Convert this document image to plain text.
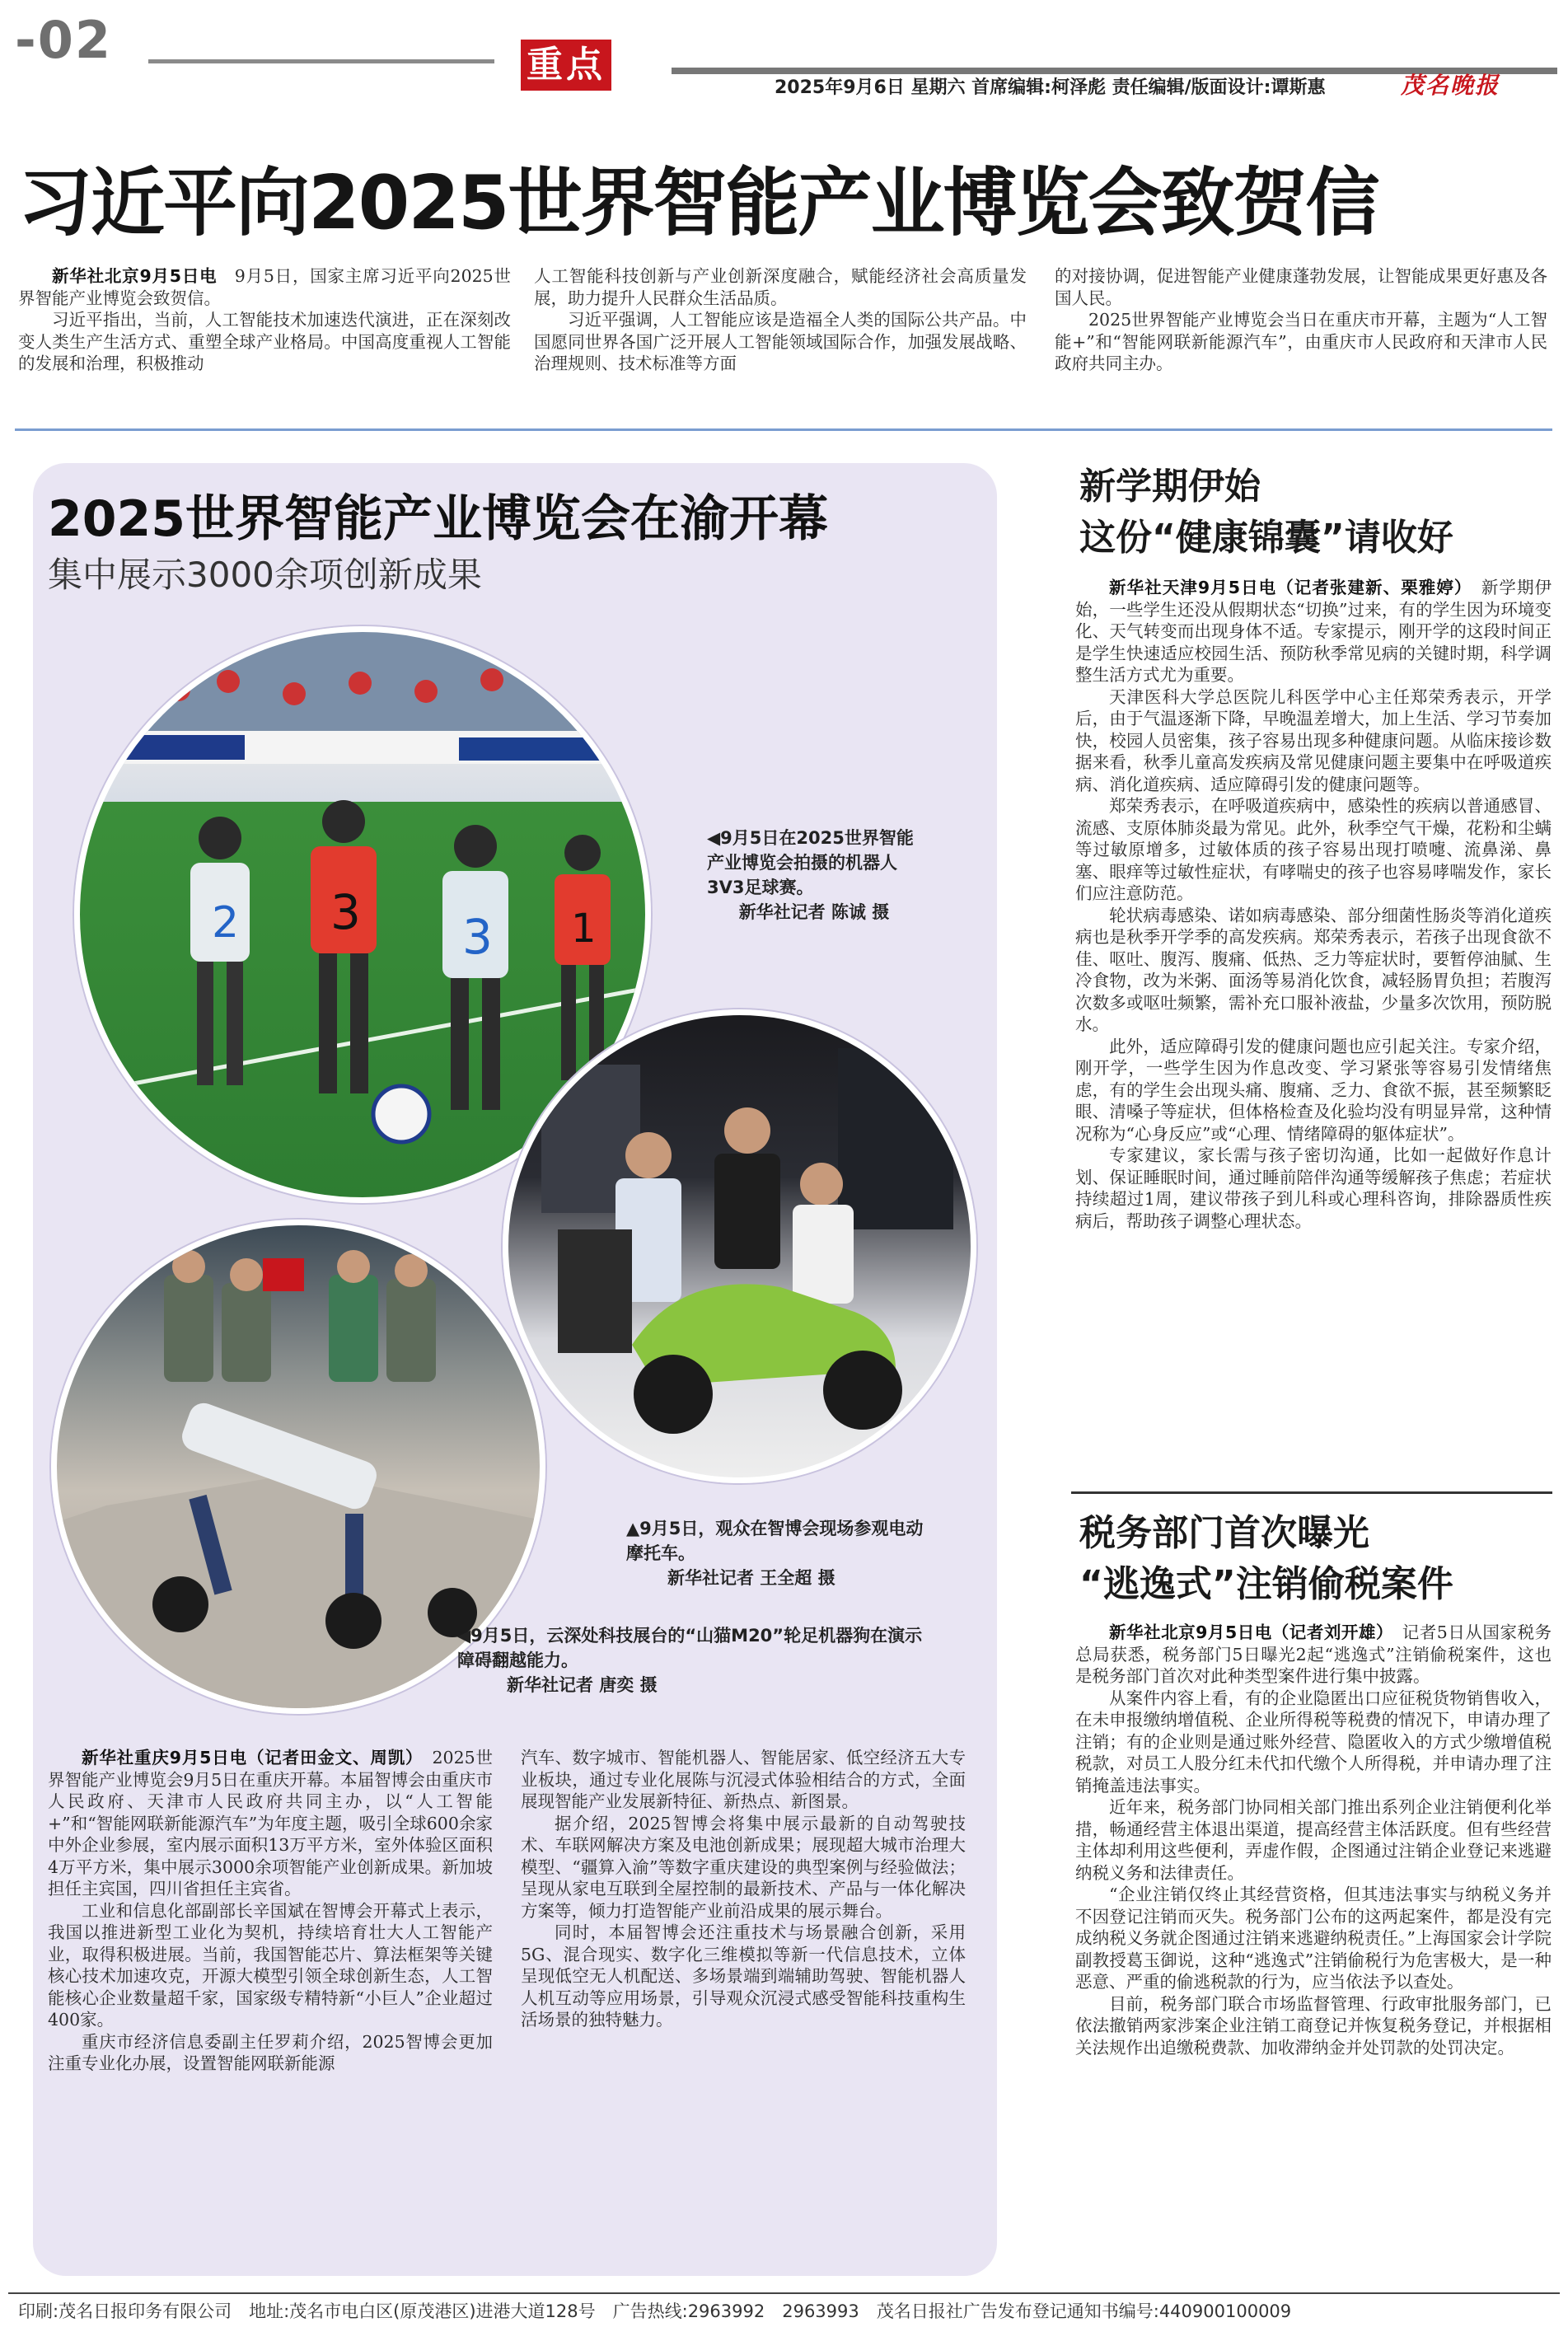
-02	重点
2025年9月6日 星期六 首席编辑:柯泽彪 责任编辑/版面设计:谭斯惠	茂名晚报
习近平向2025世界智能产业博览会致贺信

新华社北京9月5日电　 9月5日，国家主席习近平向2025世界智能产业博览会致贺信。

习近平指出，当前，人工智能技术加速迭代演进，正在深刻改变人类生产生活方式、重塑全球产业格局。中国高度重视人工智能的发展和治理，积极推动

人工智能科技创新与产业创新深度融合，赋能经济社会高质量发展，助力提升人民群众生活品质。

习近平强调，人工智能应该是造福全人类的国际公共产品。中国愿同世界各国广泛开展人工智能领域国际合作，加强发展战略、治理规则、技术标准等方面

的对接协调，促进智能产业健康蓬勃发展，让智能成果更好惠及各国人民。

2025世界智能产业博览会当日在重庆市开幕，主题为“人工智能+”和“智能网联新能源汽车”，由重庆市人民政府和天津市人民政府共同主办。

2025世界智能产业博览会在渝开幕
集中展示3000余项创新成果
2 3 3 1
◀9月5日在2025世界智能产业博览会拍摄的机器人3V3足球赛。
新华社记者 陈诚 摄
▲9月5日，观众在智博会现场参观电动摩托车。
新华社记者 王全超 摄
◀9月5日，云深处科技展台的“山猫M20”轮足机器狗在演示障碍翻越能力。
新华社记者 唐奕 摄

新华社重庆9月5日电（记者田金文、周凯）　 2025世界智能产业博览会9月5日在重庆开幕。本届智博会由重庆市人民政府、天津市人民政府共同主办，以“人工智能+”和“智能网联新能源汽车”为年度主题，吸引全球600余家中外企业参展，室内展示面积13万平方米，室外体验区面积4万平方米，集中展示3000余项智能产业创新成果。新加坡担任主宾国，四川省担任主宾省。

工业和信息化部副部长辛国斌在智博会开幕式上表示，我国以推进新型工业化为契机，持续培育壮大人工智能产业，取得积极进展。当前，我国智能芯片、算法框架等关键核心技术加速攻克，开源大模型引领全球创新生态，人工智能核心企业数量超千家，国家级专精特新“小巨人”企业超过400家。

重庆市经济信息委副主任罗莉介绍，2025智博会更加注重专业化办展，设置智能网联新能源

汽车、数字城市、智能机器人、智能居家、低空经济五大专业板块，通过专业化展陈与沉浸式体验相结合的方式，全面展现智能产业发展新特征、新热点、新图景。

据介绍，2025智博会将集中展示最新的自动驾驶技术、车联网解决方案及电池创新成果；展现超大城市治理大模型、“疆算入渝”等数字重庆建设的典型案例与经验做法；呈现从家电互联到全屋控制的最新技术、产品与一体化解决方案等，倾力打造智能产业前沿成果的展示舞台。

同时，本届智博会还注重技术与场景融合创新，采用5G、混合现实、数字化三维模拟等新一代信息技术，立体呈现低空无人机配送、多场景端到端辅助驾驶、智能机器人人机互动等应用场景，引导观众沉浸式感受智能科技重构生活场景的独特魅力。

新学期伊始
这份“健康锦囊”请收好

新华社天津9月5日电（记者张建新、栗雅婷）　 新学期伊始，一些学生还没从假期状态“切换”过来，有的学生因为环境变化、天气转变而出现身体不适。专家提示，刚开学的这段时间正是学生快速适应校园生活、预防秋季常见病的关键时期，科学调整生活方式尤为重要。

天津医科大学总医院儿科医学中心主任郑荣秀表示，开学后，由于气温逐渐下降，早晚温差增大，加上生活、学习节奏加快，校园人员密集，孩子容易出现多种健康问题。从临床接诊数据来看，秋季儿童高发疾病及常见健康问题主要集中在呼吸道疾病、消化道疾病、适应障碍引发的健康问题等。

郑荣秀表示，在呼吸道疾病中，感染性的疾病以普通感冒、流感、支原体肺炎最为常见。此外，秋季空气干燥，花粉和尘螨等过敏原增多，过敏体质的孩子容易出现打喷嚏、流鼻涕、鼻塞、眼痒等过敏性症状，有哮喘史的孩子也容易哮喘发作，家长们应注意防范。

轮状病毒感染、诺如病毒感染、部分细菌性肠炎等消化道疾病也是秋季开学季的高发疾病。郑荣秀表示，若孩子出现食欲不佳、呕吐、腹泻、腹痛、低热、乏力等症状时，要暂停油腻、生冷食物，改为米粥、面汤等易消化饮食，减轻肠胃负担；若腹泻次数多或呕吐频繁，需补充口服补液盐，少量多次饮用，预防脱水。

此外，适应障碍引发的健康问题也应引起关注。专家介绍，刚开学，一些学生因为作息改变、学习紧张等容易引发情绪焦虑，有的学生会出现头痛、腹痛、乏力、食欲不振，甚至频繁眨眼、清嗓子等症状，但体格检查及化验均没有明显异常，这种情况称为“心身反应”或“心理、情绪障碍的躯体症状”。

专家建议，家长需与孩子密切沟通，比如一起做好作息计划、保证睡眠时间，通过睡前陪伴沟通等缓解孩子焦虑；若症状持续超过1周，建议带孩子到儿科或心理科咨询，排除器质性疾病后，帮助孩子调整心理状态。

税务部门首次曝光
“逃逸式”注销偷税案件

新华社北京9月5日电（记者刘开雄）　 记者5日从国家税务总局获悉，税务部门5日曝光2起“逃逸式”注销偷税案件，这也是税务部门首次对此种类型案件进行集中披露。

从案件内容上看，有的企业隐匿出口应征税货物销售收入，在未申报缴纳增值税、企业所得税等税费的情况下，申请办理了注销；有的企业则是通过账外经营、隐匿收入的方式少缴增值税税款，对员工人股分红未代扣代缴个人所得税，并申请办理了注销掩盖违法事实。

近年来，税务部门协同相关部门推出系列企业注销便利化举措，畅通经营主体退出渠道，提高经营主体活跃度。但有些经营主体却利用这些便利，弄虚作假，企图通过注销企业登记来逃避纳税义务和法律责任。

“企业注销仅终止其经营资格，但其违法事实与纳税义务并不因登记注销而灭失。税务部门公布的这两起案件，都是没有完成纳税义务就企图通过注销来逃避纳税责任。”上海国家会计学院副教授葛玉御说，这种“逃逸式”注销偷税行为危害极大，是一种恶意、严重的偷逃税款的行为，应当依法予以查处。

目前，税务部门联合市场监督管理、行政审批服务部门，已依法撤销两家涉案企业注销工商登记并恢复税务登记，并根据相关法规作出追缴税费款、加收滞纳金并处罚款的处罚决定。

印刷:茂名日报印务有限公司　地址:茂名市电白区(原茂港区)进港大道128号　广告热线:2963992　2963993　茂名日报社广告发布登记通知书编号:440900100009
